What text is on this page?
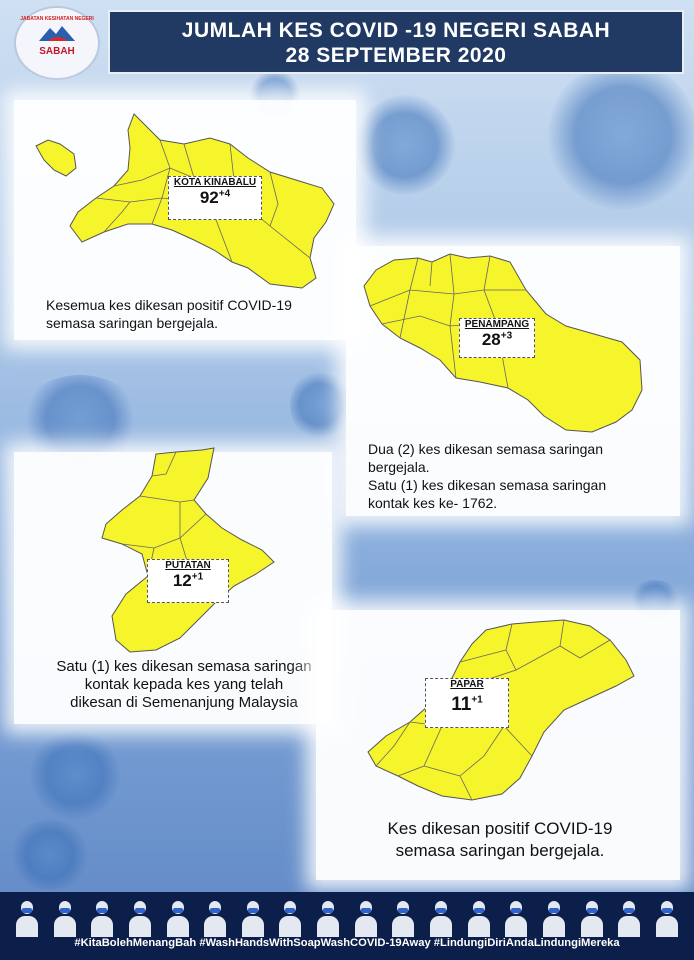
JABATAN KESIHATAN NEGERI
SABAH
JUMLAH KES COVID -19 NEGERI SABAH
28 SEPTEMBER 2020
KOTA KINABALU
$92^{+4}$
Kesemua kes dikesan positif COVID-19
semasa saringan bergejala.	PENAMPANG
$28^{+3}$
Dua (2) kes dikesan semasa saringan
bergejala.
Satu (1) kes dikesan semasa saringan
kontak kes ke- 1762.
PUTATAN
$12^{+1}$
Satu (1) kes dikesan semasa saringan
kontak kepada kes yang telah
dikesan di Semenanjung Malaysia
PAPAR
$11^{+1}$
Kes dikesan positif COVID-19
semasa saringan bergejala.
#KitaBolehMenangBah #WashHandsWithSoapWashCOVID-19Away #LindungiDiriAndaLindungiMereka
